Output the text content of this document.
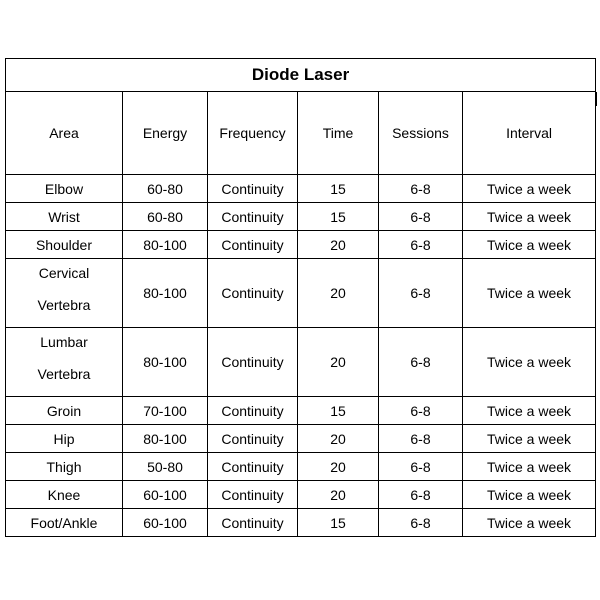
Diode Laser					
Area	Energy	Frequency	Time	Sessions	Interval
Elbow	60-80	Continuity	15	6-8	Twice a week
Wrist	60-80	Continuity	15	6-8	Twice a week
Shoulder	80-100	Continuity	20	6-8	Twice a week

Cervical
Vertebra	80-100	Continuity	20	6-8	Twice a week

Lumbar
Vertebra	80-100	Continuity	20	6-8	Twice a week
Groin	70-100	Continuity	15	6-8	Twice a week
Hip	80-100	Continuity	20	6-8	Twice a week
Thigh	50-80	Continuity	20	6-8	Twice a week
Knee	60-100	Continuity	20	6-8	Twice a week
Foot/Ankle	60-100	Continuity	15	6-8	Twice a week
